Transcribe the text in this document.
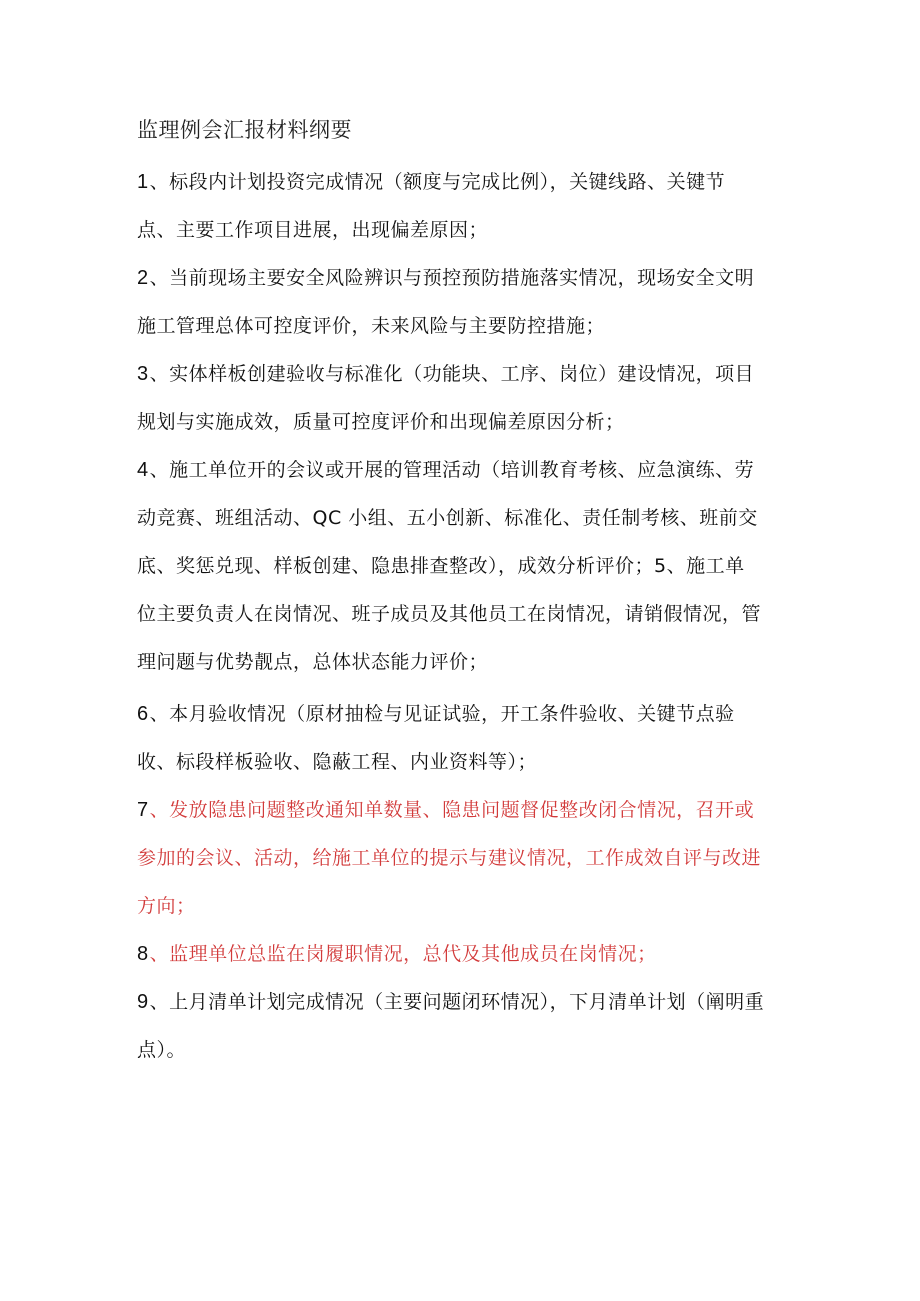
监理例会汇报材料纲要
1、标段内计划投资完成情况（额度与完成比例），关键线路、关键节
点、主要工作项目进展，出现偏差原因；
2、当前现场主要安全风险辨识与预控预防措施落实情况，现场安全文明
施工管理总体可控度评价，未来风险与主要防控措施；
3、实体样板创建验收与标准化（功能块、工序、岗位）建设情况，项目
规划与实施成效，质量可控度评价和出现偏差原因分析；
4、施工单位开的会议或开展的管理活动（培训教育考核、应急演练、劳
动竞赛、班组活动、QC 小组、五小创新、标准化、责任制考核、班前交
底、奖惩兑现、样板创建、隐患排查整改），成效分析评价；5、施工单
位主要负责人在岗情况、班子成员及其他员工在岗情况，请销假情况，管
理问题与优势靓点，总体状态能力评价；
6、本月验收情况（原材抽检与见证试验，开工条件验收、关键节点验
收、标段样板验收、隐蔽工程、内业资料等）；
7、发放隐患问题整改通知单数量、隐患问题督促整改闭合情况，召开或
参加的会议、活动，给施工单位的提示与建议情况，工作成效自评与改进
方向；
8、监理单位总监在岗履职情况，总代及其他成员在岗情况；
9、上月清单计划完成情况（主要问题闭环情况），下月清单计划（阐明重
点）。
